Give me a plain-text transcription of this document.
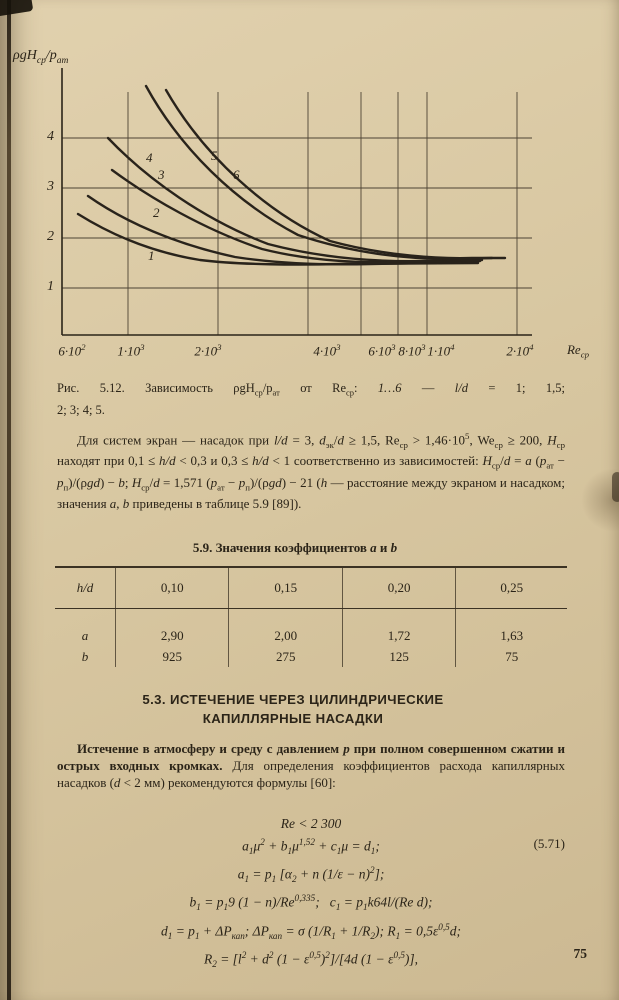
$\rho gH_{ср}/p_{ат}$
4
3
2
1
$6\cdot 10^2$ $1\cdot 10^3$	$2\cdot 10^3$	$4\cdot 10^3$ $6\cdot 10^3$ $8\cdot 10^3$ $1\cdot 10^4$	$2\cdot 10^4$	$Re_{ср}$
1
2
3
4	5
6
Рис. 5.12. Зависимость $\rho gH_{ср}/p_{ат}$ от $Re_{ср}$: 1…6 — l/d = 1; 1,5;
2; 3; 4; 5.

Для систем экран — насадок при l/d = 3, $d_{эк}/d \ge 1,5$, $Re_{ср} > 1,46\cdot 10^5$, $We_{ср} \ge 200$, $H_{ср}$ находят при 0,1 ≤ h/d < 0,3 и 0,3 ≤ h/d < 1 соответственно из зависимостей: $H_{ср}/d = a$ $(p_{ат} - p_п)/(\rho gd) - b$; $H_{ср}/d = 1,571$ $(p_{ат} - p_п)/(\rho gd) - 21$ (h — расстояние между экраном и насадком; значения a, b приведены в таблице 5.9 [89]).

5.9. Значения коэффициентов a и b
h/d	0,10	0,15	0,20	0,25
a	2,90	2,00	1,72	1,63
b	925	275	125	75
5.3. ИСТЕЧЕНИЕ ЧЕРЕЗ ЦИЛИНДРИЧЕСКИЕ
КАПИЛЛЯРНЫЕ НАСАДКИ

Истечение в атмосферу и среду с давлением p при полном совершенном сжатии и острых входных кромках. Для определения коэффициентов расхода капиллярных насадков (d < 2 мм) рекомендуются формулы [60]:

Re < 2 300
$a_1\mu^2 + b_1\mu^{1,52} + c_1\mu = d_1$;
$a_1 = p_1$ [$\alpha_2 + n$ $(1/\varepsilon - n)^2$];
$b_1 = p_19$ (1 − n)/Re$^{0,335}$;   $c_1 = p_1k64l/(Re$ d);
$d_1 = p_1 + \Delta P_{кап}$; $\Delta P_{кап} = \sigma$ $(1/R_1 + 1/R_2)$; $R_1 = 0,5\varepsilon^{0,5}d$;
$R_2 = [l^2 + d^2$ $(1 - \varepsilon^{0,5})^2]/[4d$ $(1 - \varepsilon^{0,5})$],
(5.71)
75
